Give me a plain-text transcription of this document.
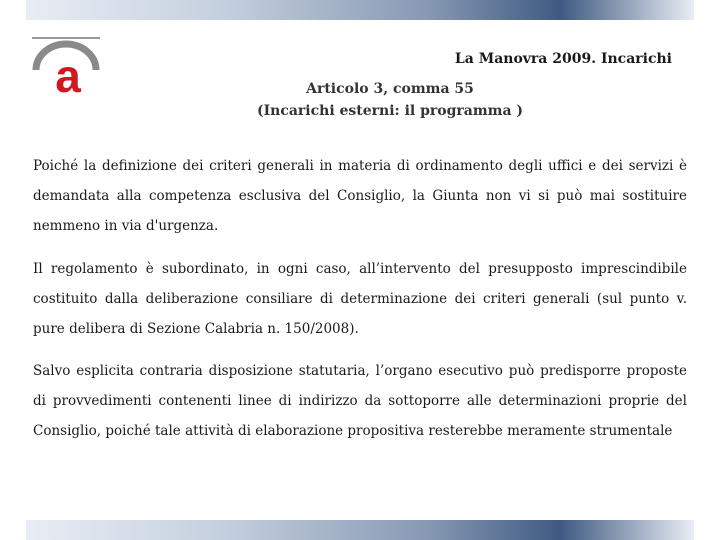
a	La Manovra 2009. Incarichi
Articolo 3, comma 55
(Incarichi esterni: il programma )

Poiché la definizione dei criteri generali in materia di ordinamento degli uffici e dei servizi è demandata alla competenza esclusiva del Consiglio, la Giunta non vi si può mai sostituire nemmeno in via d'urgenza.

Il regolamento è subordinato, in ogni caso, all’intervento del presupposto imprescindibile costituito dalla deliberazione consiliare di determinazione dei criteri generali (sul punto v. pure delibera di Sezione Calabria n. 150/2008).

Salvo esplicita contraria disposizione statutaria, l’organo esecutivo può predisporre proposte di provvedimenti contenenti linee di indirizzo da sottoporre alle determinazioni proprie del Consiglio, poiché tale attività di elaborazione propositiva resterebbe meramente strumentale
